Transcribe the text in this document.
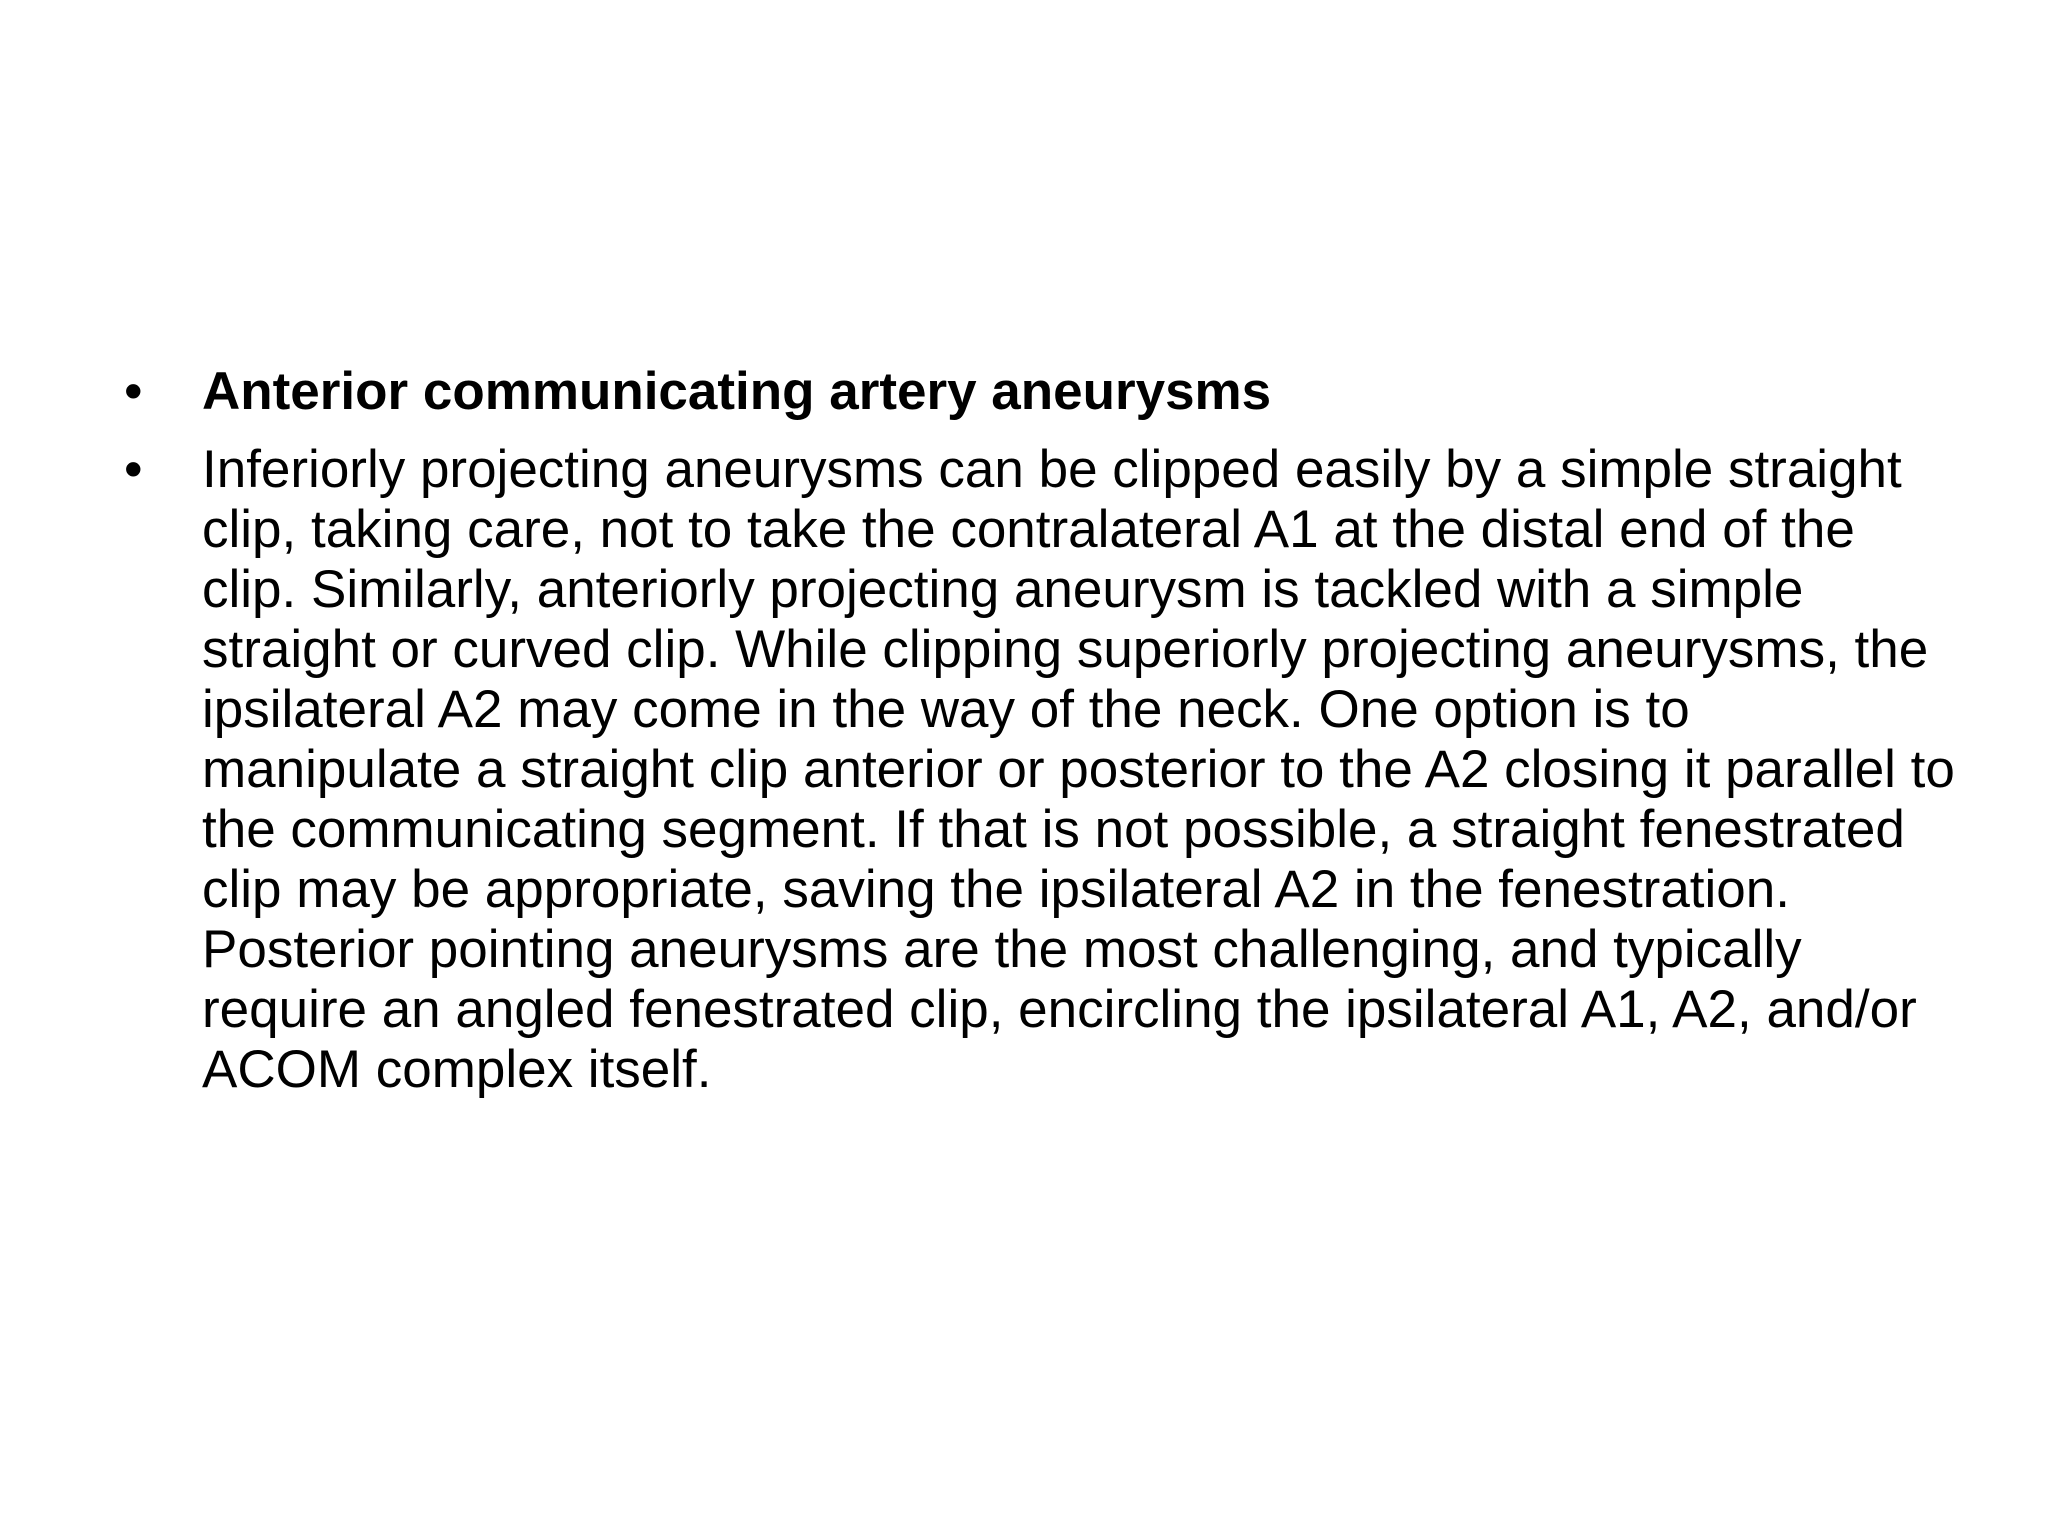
•	Anterior communicating artery aneurysms
•	Inferiorly projecting aneurysms can be clipped easily by a simple straight clip, taking care, not to take the contralateral A1 at the distal end of the clip. Similarly, anteriorly projecting aneurysm is tackled with a simple straight or curved clip. While clipping superiorly projecting aneurysms, the ipsilateral A2 may come in the way of the neck. One option is to manipulate a straight clip anterior or posterior to the A2 closing it parallel to the communicating segment. If that is not possible, a straight fenestrated clip may be appropriate, saving the ipsilateral A2 in the fenestration. Posterior pointing aneurysms are the most challenging, and typically require an angled fenestrated clip, encircling the ipsilateral A1, A2, and/or ACOM complex itself.
